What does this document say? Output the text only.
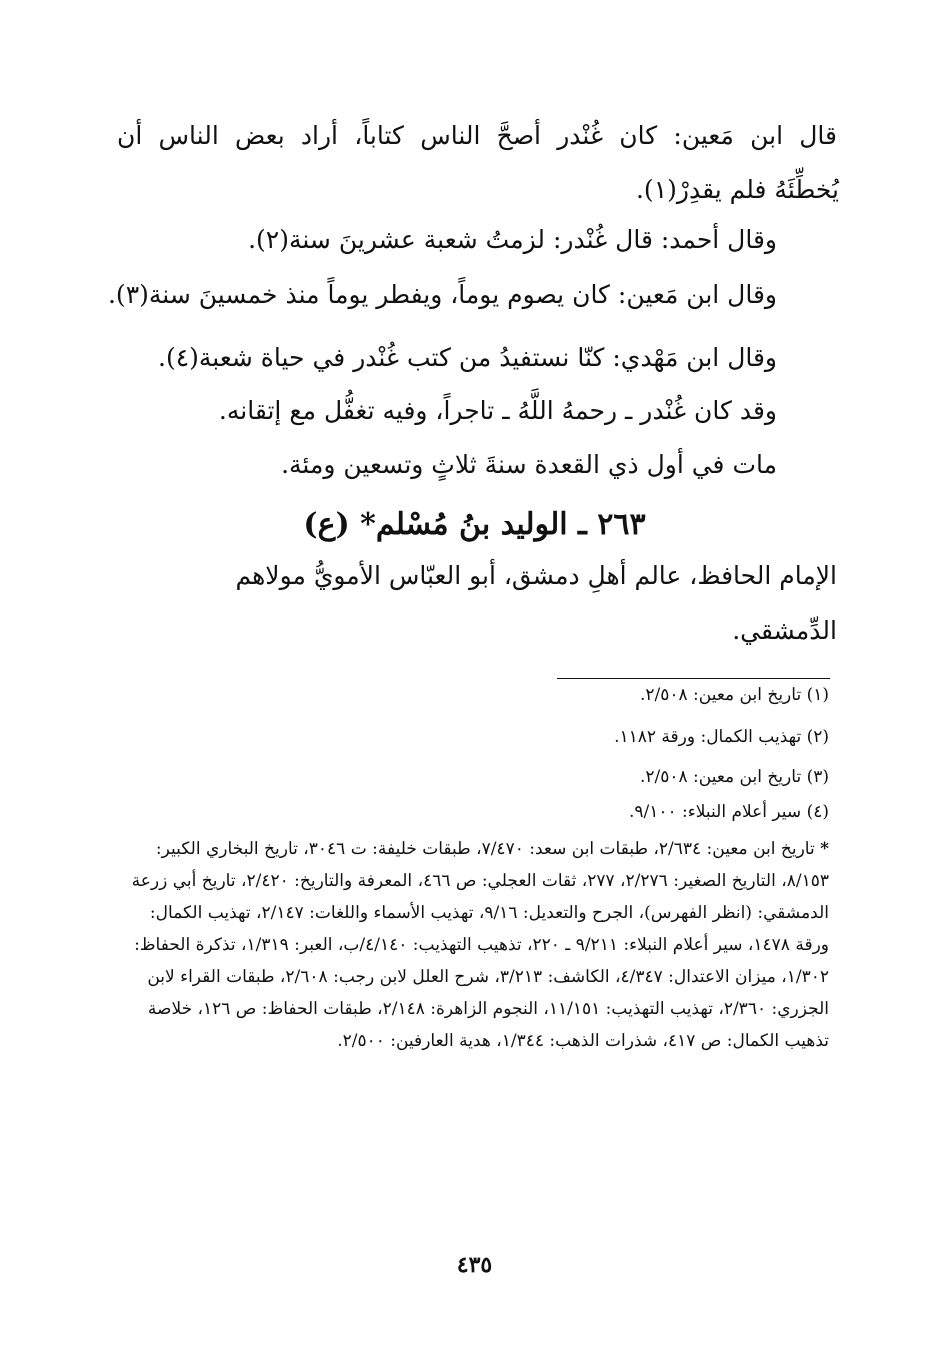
قال ابن مَعين: كان غُنْدر أصحَّ الناس كتاباً، أراد بعض الناس أن
يُخطِّئَهُ فلم يقدِرْ(١).
وقال أحمد: قال غُنْدر: لزمتُ شعبة عشرينَ سنة(٢).
وقال ابن مَعين: كان يصوم يوماً، ويفطر يوماً منذ خمسينَ سنة(٣).
وقال ابن مَهْدي: كنّا نستفيدُ من كتب غُنْدر في حياة شعبة(٤).
وقد كان غُنْدر ـ رحمهُ اللَّهُ ـ تاجراً، وفيه تغفُّل مع إتقانه.
مات في أول ذي القعدة سنةَ ثلاثٍ وتسعين ومئة.
٢٦٣ ـ الوليد بنُ مُسْلم* (ع)
الإمام الحافظ، عالم أهلِ دمشق، أبو العبّاس الأمويُّ مولاهم
الدِّمشقي.
(١) تاريخ ابن معين: ٢/٥٠٨.
(٢) تهذيب الكمال: ورقة ١١٨٢.
(٣) تاريخ ابن معين: ٢/٥٠٨.
(٤) سير أعلام النبلاء: ٩/١٠٠.
* تاريخ ابن معين: ٢/٦٣٤، طبقات ابن سعد: ٧/٤٧٠، طبقات خليفة: ت ٣٠٤٦، تاريخ البخاري الكبير: ٨/١٥٣، التاريخ الصغير: ٢/٢٧٦، ٢٧٧، ثقات العجلي: ص ٤٦٦، المعرفة والتاريخ: ٢/٤٢٠، تاريخ أبي زرعة الدمشقي: (انظر الفهرس)، الجرح والتعديل: ٩/١٦، تهذيب الأسماء واللغات: ٢/١٤٧، تهذيب الكمال: ورقة ١٤٧٨، سير أعلام النبلاء: ٩/٢١١ ـ ٢٢٠، تذهيب التهذيب: ٤/١٤٠/ب، العبر: ١/٣١٩، تذكرة الحفاظ: ١/٣٠٢، ميزان الاعتدال: ٤/٣٤٧، الكاشف: ٣/٢١٣، شرح العلل لابن رجب: ٢/٦٠٨، طبقات القراء لابن الجزري: ٢/٣٦٠، تهذيب التهذيب: ١١/١٥١، النجوم الزاهرة: ٢/١٤٨، طبقات الحفاظ: ص ١٢٦، خلاصة تذهيب الكمال: ص ٤١٧، شذرات الذهب: ١/٣٤٤، هدية العارفين: ٢/٥٠٠.
٤٣٥
